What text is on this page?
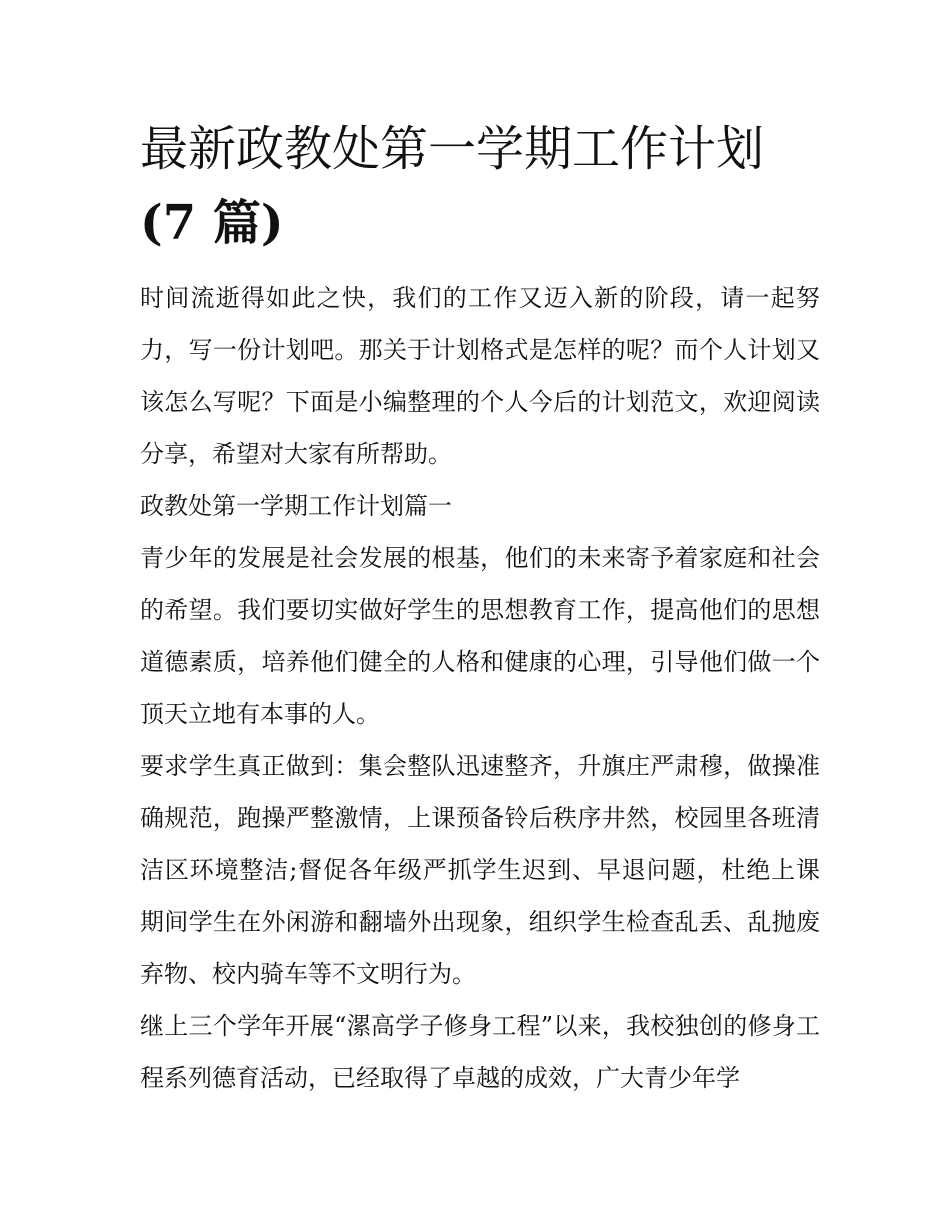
最新政教处第一学期工作计划
(7 篇)

时间流逝得如此之快，我们的工作又迈入新的阶段，请一起努力，写一份计划吧。那关于计划格式是怎样的呢？而个人计划又该怎么写呢？下面是小编整理的个人今后的计划范文，欢迎阅读分享，希望对大家有所帮助。

政教处第一学期工作计划篇一

青少年的发展是社会发展的根基，他们的未来寄予着家庭和社会的希望。我们要切实做好学生的思想教育工作，提高他们的思想道德素质，培养他们健全的人格和健康的心理，引导他们做一个顶天立地有本事的人。

要求学生真正做到：集会整队迅速整齐，升旗庄严肃穆，做操准确规范，跑操严整激情，上课预备铃后秩序井然，校园里各班清洁区环境整洁;督促各年级严抓学生迟到、早退问题，杜绝上课期间学生在外闲游和翻墙外出现象，组织学生检查乱丢、乱抛废弃物、校内骑车等不文明行为。

继上三个学年开展“漯高学子修身工程”以来，我校独创的修身工程系列德育活动，已经取得了卓越的成效，广大青少年学
